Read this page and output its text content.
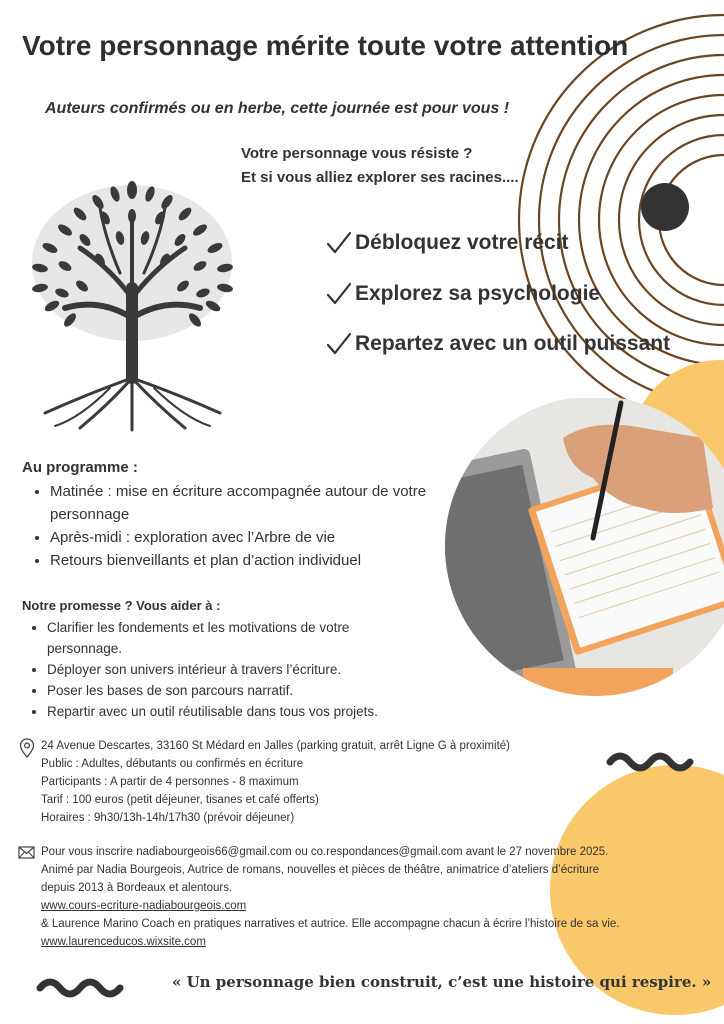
Votre personnage mérite toute votre attention
Auteurs confirmés ou en herbe, cette journée est pour vous !
Votre personnage vous résiste ?
Et si vous alliez explorer ses racines....
Débloquez votre récit
Explorez sa psychologie
Repartez avec un outil puissant
Au programme :
• Matinée : mise en écriture accompagnée autour de votre personnage
• Après-midi : exploration avec l’Arbre de vie
• Retours bienveillants et plan d’action individuel
Notre promesse ? Vous aider à :
• Clarifier les fondements et les motivations de votre personnage.
• Déployer son univers intérieur à travers l’écriture.
• Poser les bases de son parcours narratif.
• Repartir avec un outil réutilisable dans tous vos projets.
24 Avenue Descartes, 33160 St Médard en Jalles (parking gratuit, arrêt Ligne G à proximité)
Public : Adultes, débutants ou confirmés en écriture
Participants : A partir de 4 personnes - 8 maximum
Tarif : 100 euros (petit déjeuner, tisanes et café offerts)
Horaires : 9h30/13h-14h/17h30 (prévoir déjeuner)
Pour vous inscrire nadiabourgeois66@gmail.com ou co.respondances@gmail.com avant le 27 novembre 2025.
Animé par Nadia Bourgeois, Autrice de romans, nouvelles et pièces de théâtre, animatrice d’ateliers d’écriture
depuis 2013 à Bordeaux et alentours.
www.cours-ecriture-nadiabourgeois.com
& Laurence Marino Coach en pratiques narratives et autrice. Elle accompagne chacun à écrire l’histoire de sa vie.
www.laurenceducos.wixsite.com
« Un personnage bien construit, c’est une histoire qui respire. »
